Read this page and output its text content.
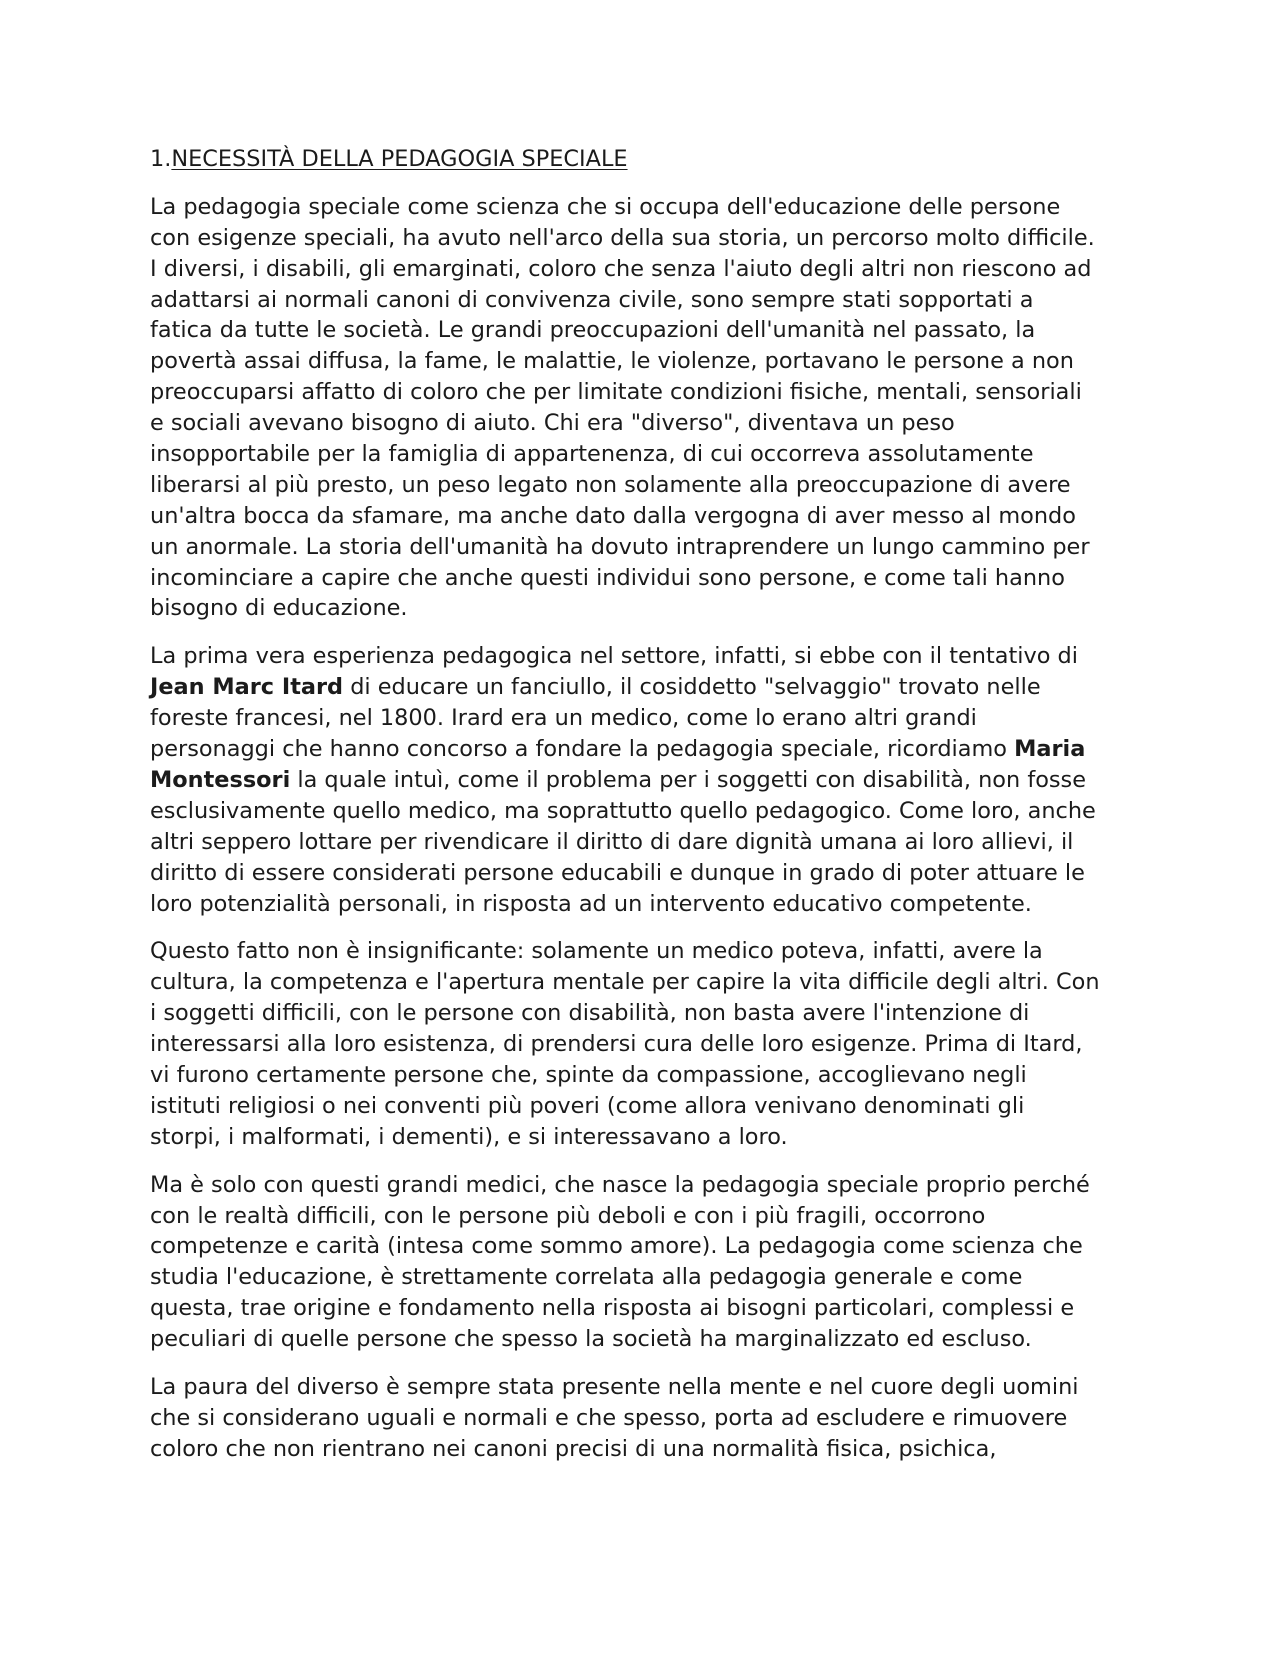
1.NECESSITÀ DELLA PEDAGOGIA SPECIALE
La pedagogia speciale come scienza che si occupa dell'educazione delle persone
con esigenze speciali, ha avuto nell'arco della sua storia, un percorso molto difficile.
I diversi, i disabili, gli emarginati, coloro che senza l'aiuto degli altri non riescono ad
adattarsi ai normali canoni di convivenza civile, sono sempre stati sopportati a
fatica da tutte le società. Le grandi preoccupazioni dell'umanità nel passato, la
povertà assai diffusa, la fame, le malattie, le violenze, portavano le persone a non
preoccuparsi affatto di coloro che per limitate condizioni fisiche, mentali, sensoriali
e sociali avevano bisogno di aiuto. Chi era "diverso", diventava un peso
insopportabile per la famiglia di appartenenza, di cui occorreva assolutamente
liberarsi al più presto, un peso legato non solamente alla preoccupazione di avere
un'altra bocca da sfamare, ma anche dato dalla vergogna di aver messo al mondo
un anormale. La storia dell'umanità ha dovuto intraprendere un lungo cammino per
incominciare a capire che anche questi individui sono persone, e come tali hanno
bisogno di educazione.
La prima vera esperienza pedagogica nel settore, infatti, si ebbe con il tentativo di
Jean Marc Itard di educare un fanciullo, il cosiddetto "selvaggio" trovato nelle
foreste francesi, nel 1800. Irard era un medico, come lo erano altri grandi
personaggi che hanno concorso a fondare la pedagogia speciale, ricordiamo Maria
Montessori la quale intuì, come il problema per i soggetti con disabilità, non fosse
esclusivamente quello medico, ma soprattutto quello pedagogico. Come loro, anche
altri seppero lottare per rivendicare il diritto di dare dignità umana ai loro allievi, il
diritto di essere considerati persone educabili e dunque in grado di poter attuare le
loro potenzialità personali, in risposta ad un intervento educativo competente.
Questo fatto non è insignificante: solamente un medico poteva, infatti, avere la
cultura, la competenza e l'apertura mentale per capire la vita difficile degli altri. Con
i soggetti difficili, con le persone con disabilità, non basta avere l'intenzione di
interessarsi alla loro esistenza, di prendersi cura delle loro esigenze. Prima di Itard,
vi furono certamente persone che, spinte da compassione, accoglievano negli
istituti religiosi o nei conventi più poveri (come allora venivano denominati gli
storpi, i malformati, i dementi), e si interessavano a loro.
Ma è solo con questi grandi medici, che nasce la pedagogia speciale proprio perché
con le realtà difficili, con le persone più deboli e con i più fragili, occorrono
competenze e carità (intesa come sommo amore). La pedagogia come scienza che
studia l'educazione, è strettamente correlata alla pedagogia generale e come
questa, trae origine e fondamento nella risposta ai bisogni particolari, complessi e
peculiari di quelle persone che spesso la società ha marginalizzato ed escluso.
La paura del diverso è sempre stata presente nella mente e nel cuore degli uomini
che si considerano uguali e normali e che spesso, porta ad escludere e rimuovere
coloro che non rientrano nei canoni precisi di una normalità fisica, psichica,
